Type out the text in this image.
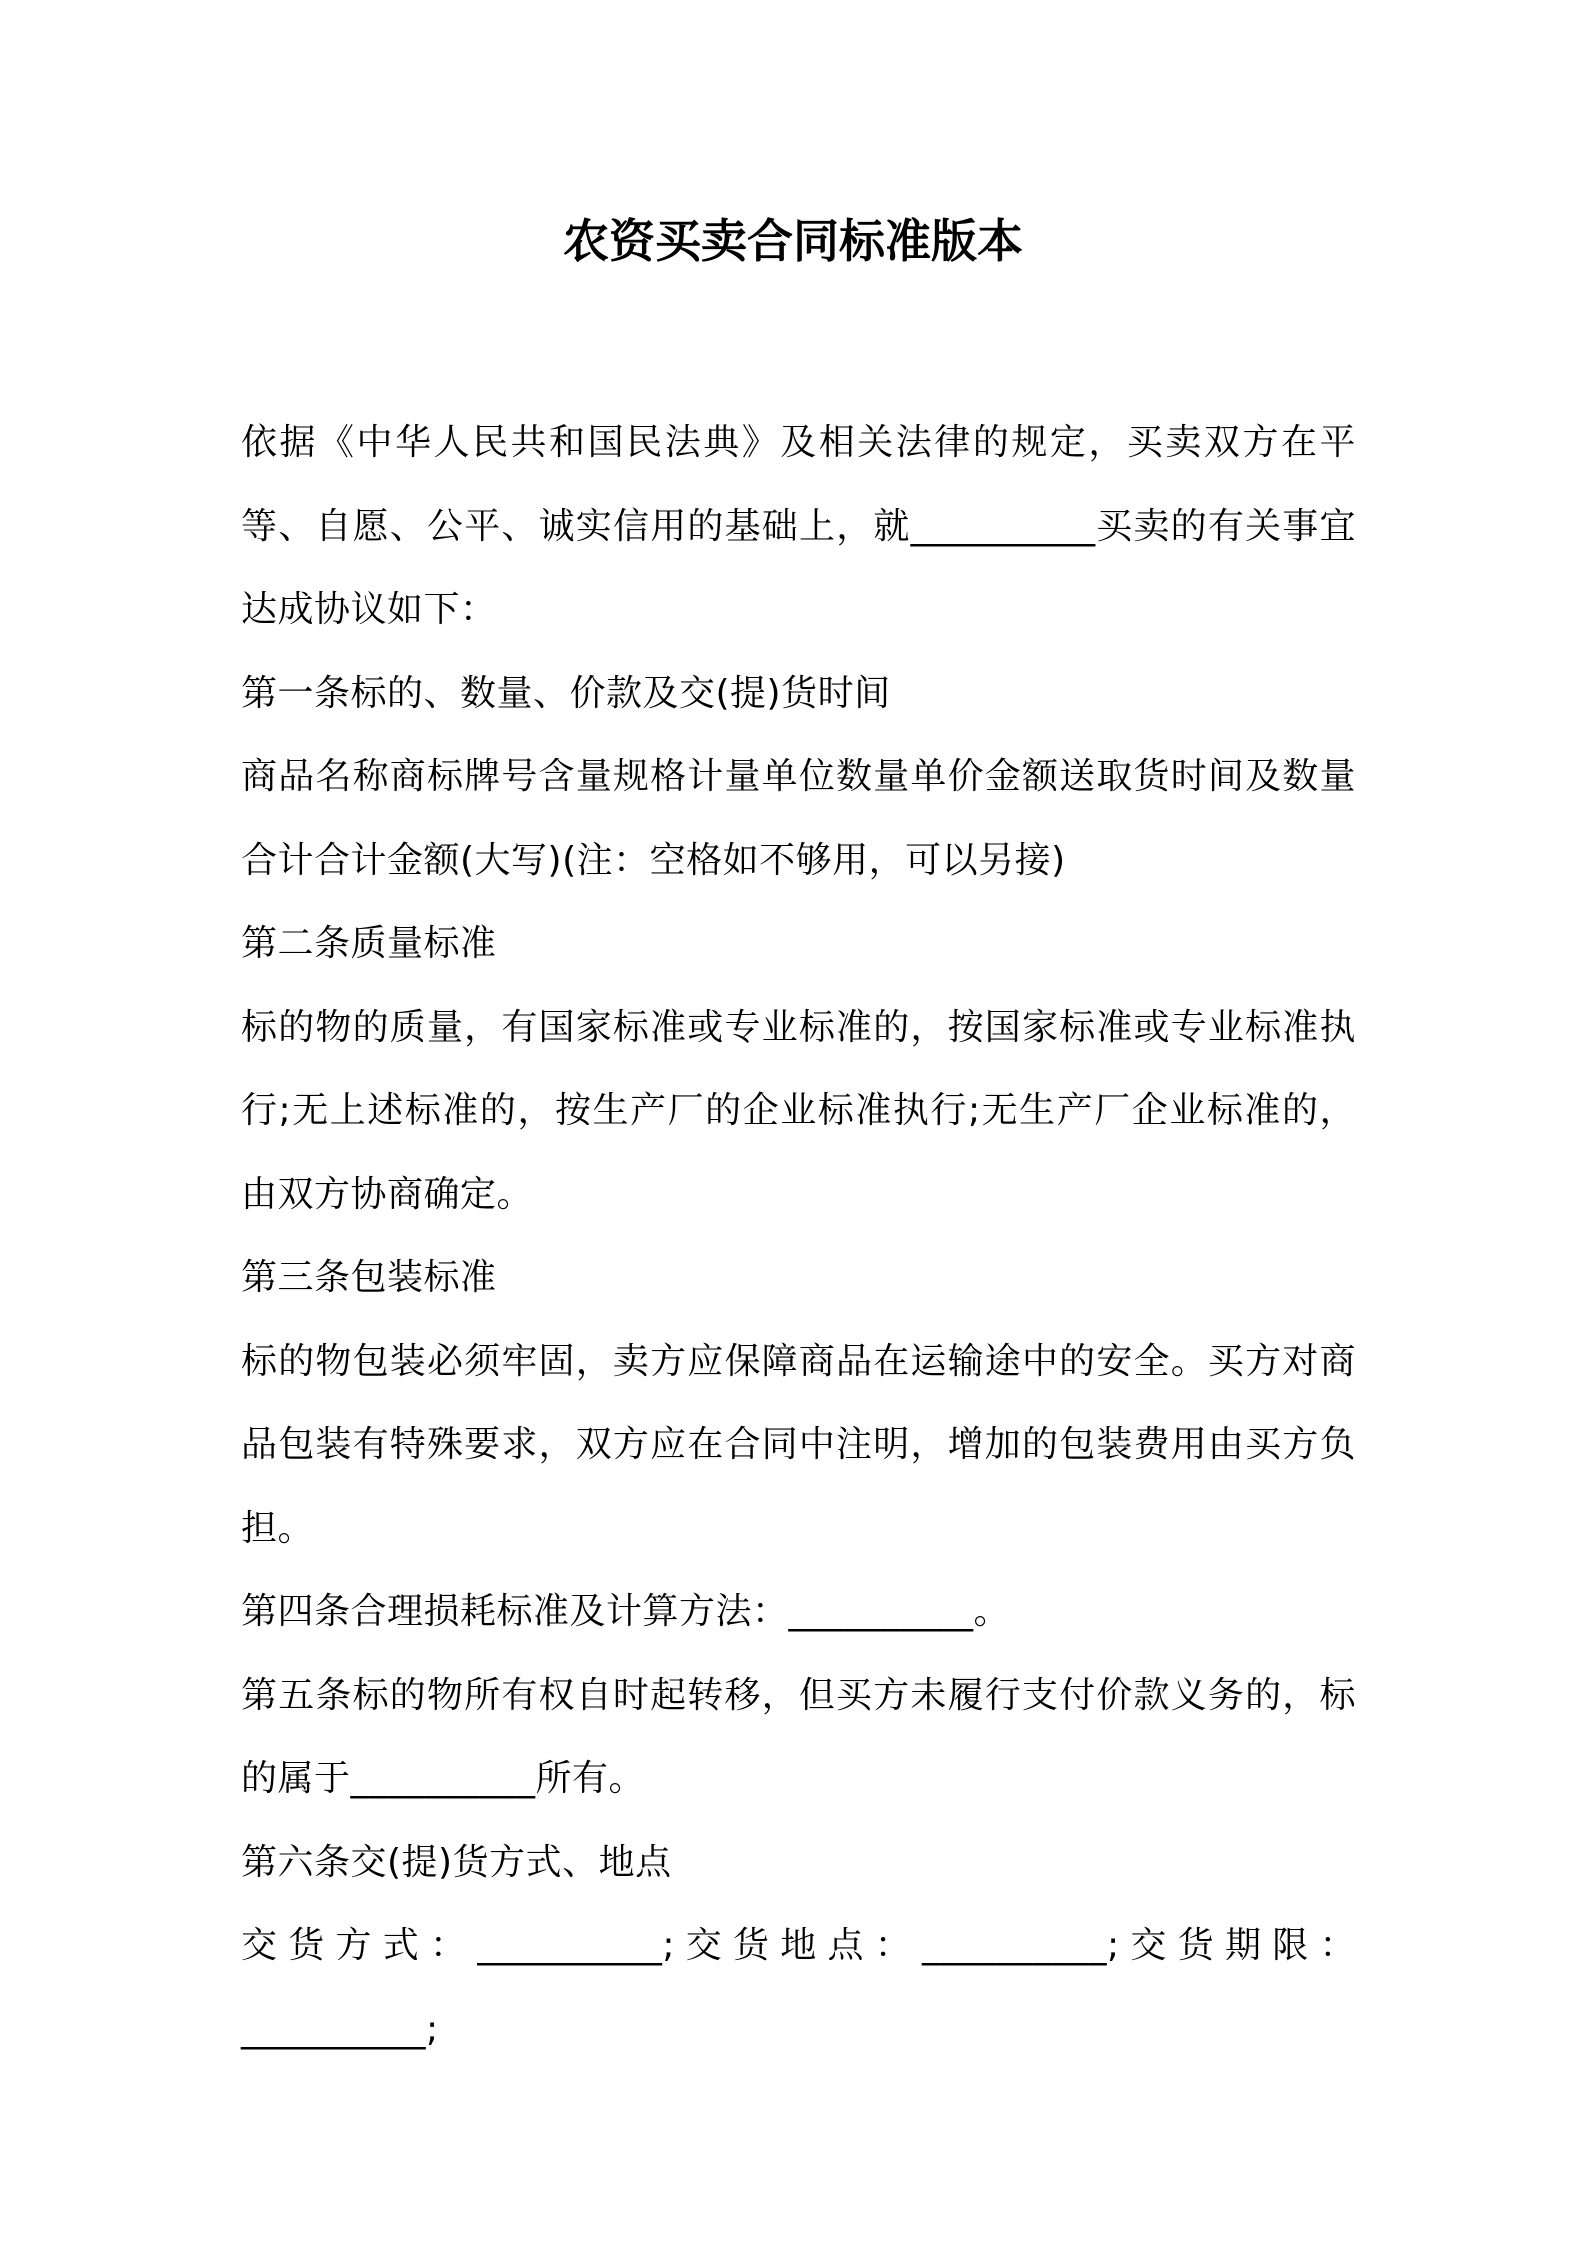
农资买卖合同标准版本

依据《中华人民共和国民法典》及相关法律的规定，买卖双方在平等、自愿、公平、诚实信用的基础上，就__________买卖的有关事宜达成协议如下：

第一条标的、数量、价款及交(提)货时间

商品名称商标牌号含量规格计量单位数量单价金额送取货时间及数量合计合计金额(大写)(注：空格如不够用，可以另接)

第二条质量标准

标的物的质量，有国家标准或专业标准的，按国家标准或专业标准执行;无上述标准的，按生产厂的企业标准执行;无生产厂企业标准的，由双方协商确定。

第三条包装标准

标的物包装必须牢固，卖方应保障商品在运输途中的安全。买方对商品包装有特殊要求，双方应在合同中注明，增加的包装费用由买方负担。

第四条合理损耗标准及计算方法：__________。

第五条标的物所有权自时起转移，但买方未履行支付价款义务的，标的属于__________所有。

第六条交(提)货方式、地点

交货方式：__________;交货地点：__________;交货期限：__________;
